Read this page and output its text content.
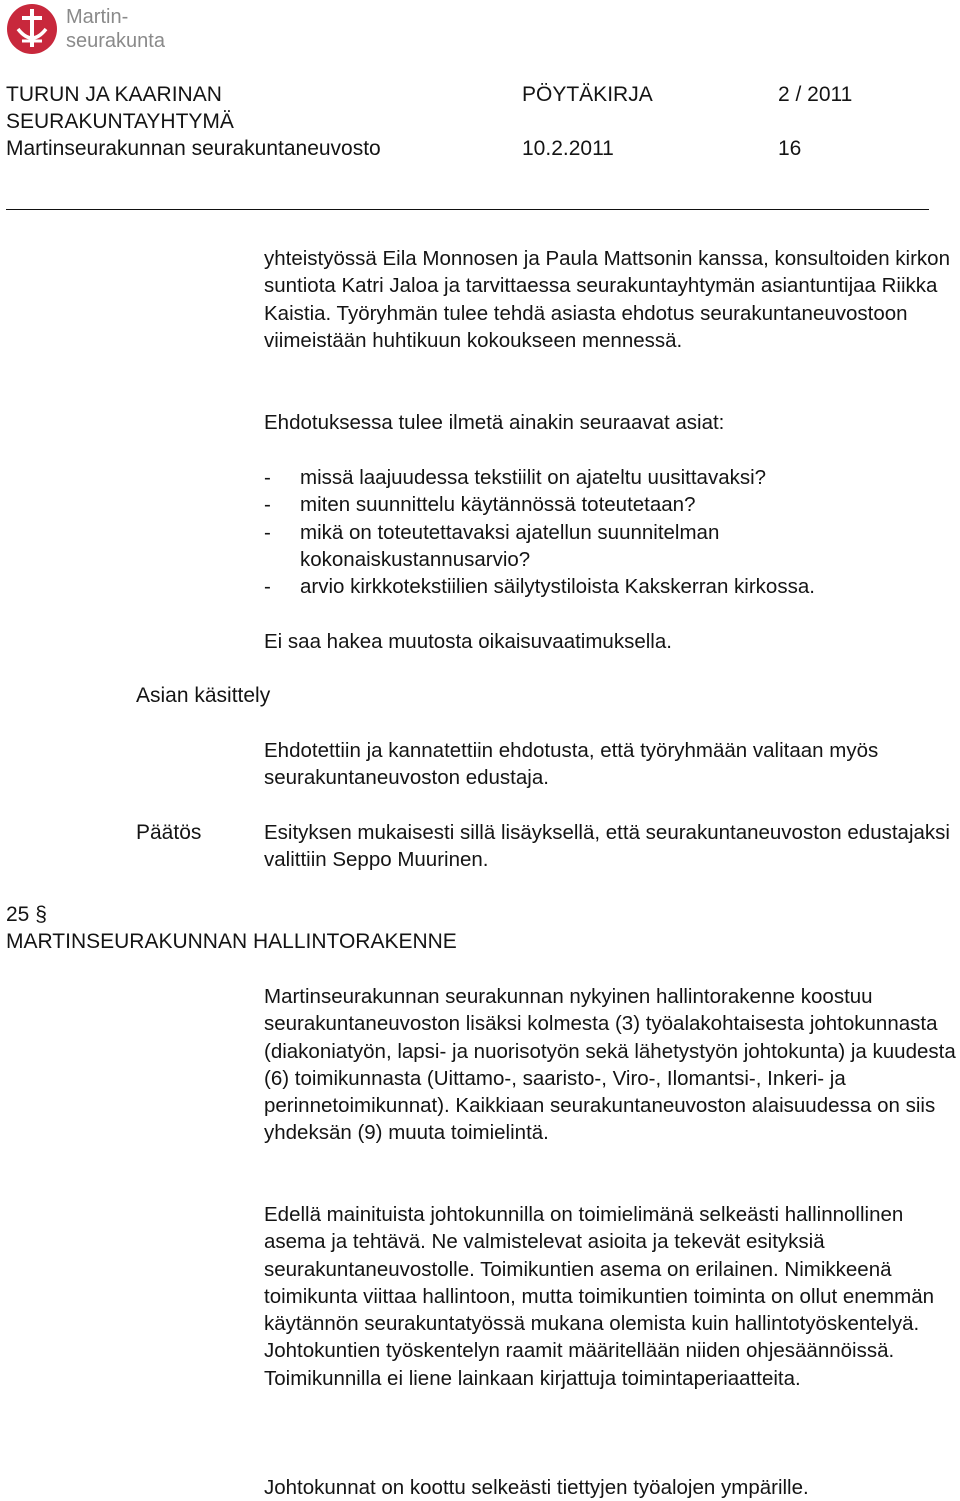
Martin-
seurakunta
TURUN JA KAARINAN
SEURAKUNTAYHTYMÄ
Martinseurakunnan seurakuntaneuvosto
PÖYTÄKIRJA	2 / 2011
10.2.2011	16

yhteistyössä Eila Monnosen ja Paula Mattsonin kanssa, konsultoiden kirkon suntiota Katri Jaloa ja tarvittaessa seurakuntayhtymän asiantuntijaa Riikka Kaistia. Työryhmän tulee tehdä asiasta ehdotus seurakuntaneuvostoon viimeistään huhtikuun kokoukseen mennessä.

Ehdotuksessa tulee ilmetä ainakin seuraavat asiat:
- missä laajuudessa tekstiilit on ajateltu uusittavaksi?
- miten suunnittelu käytännössä toteutetaan?
- mikä on toteutettavaksi ajatellun suunnitelman kokonaiskustannusarvio?
- arvio kirkkotekstiilien säilytystiloista Kakskerran kirkossa.
Ei saa hakea muutosta oikaisuvaatimuksella.
Asian käsittely
Ehdotettiin ja kannatettiin ehdotusta, että työryhmään valitaan myös seurakuntaneuvoston edustaja.
Päätös	Esityksen mukaisesti sillä lisäyksellä, että seurakuntaneuvoston edustajaksi valittiin Seppo Muurinen.
25 §
MARTINSEURAKUNNAN HALLINTORAKENNE
Martinseurakunnan seurakunnan nykyinen hallintorakenne koostuu seurakuntaneuvoston lisäksi kolmesta (3) työalakohtaisesta johtokunnasta (diakoniatyön, lapsi- ja nuorisotyön sekä lähetystyön johtokunta) ja kuudesta (6) toimikunnasta (Uittamo-, saaristo-, Viro-, Ilomantsi-, Inkeri- ja perinnetoimikunnat). Kaikkiaan seurakuntaneuvoston alaisuudessa on siis yhdeksän (9) muuta toimielintä.
Edellä mainituista johtokunnilla on toimielimänä selkeästi hallinnollinen asema ja tehtävä. Ne valmistelevat asioita ja tekevät esityksiä seurakuntaneuvostolle. Toimikuntien asema on erilainen. Nimikkeenä toimikunta viittaa hallintoon, mutta toimikuntien toiminta on ollut enemmän käytännön seurakuntatyössä mukana olemista kuin hallintotyöskentelyä. Johtokuntien työskentelyn raamit määritellään niiden ohjesäännöissä. Toimikunnilla ei liene lainkaan kirjattuja toimintaperiaatteita.
Johtokunnat on koottu selkeästi tiettyjen työalojen ympärille.
